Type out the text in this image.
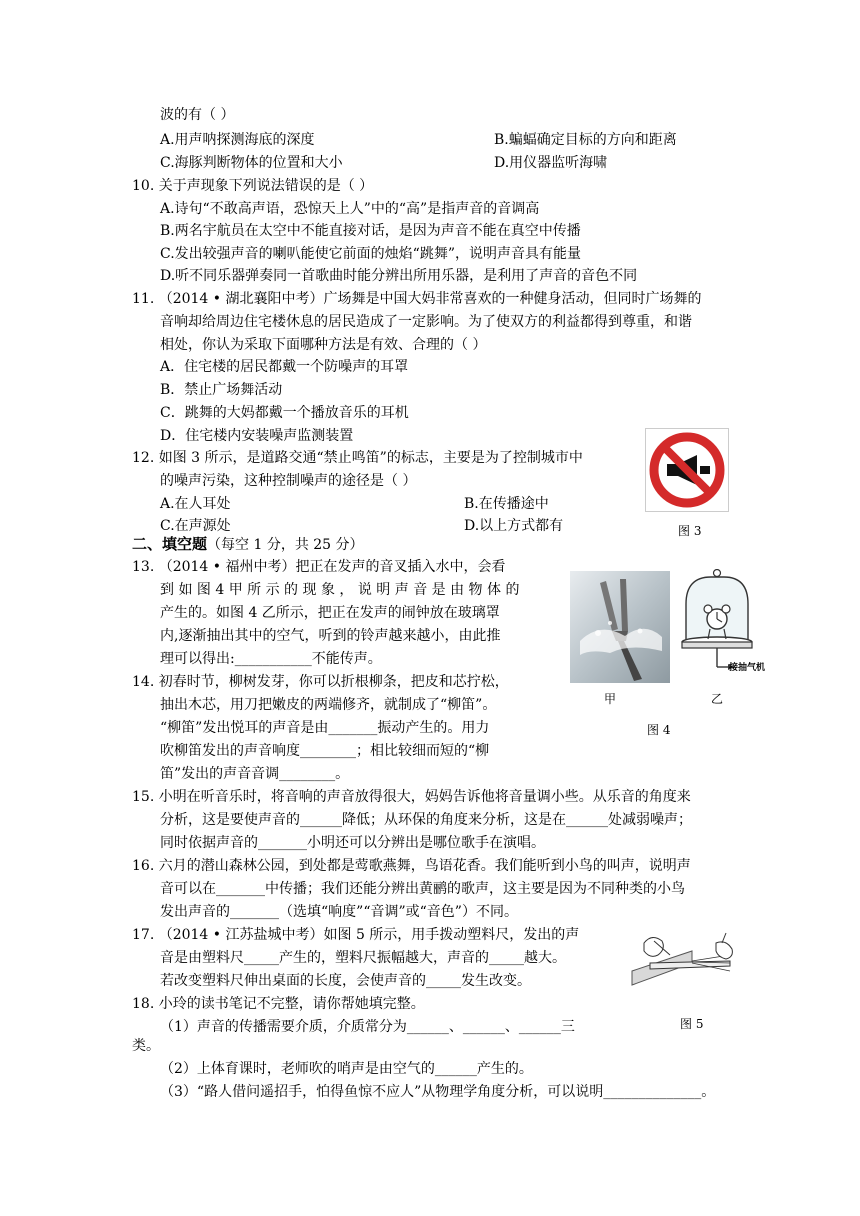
波的有（ ）
A.用声呐探测海底的深度	B.蝙蝠确定目标的方向和距离
C.海豚判断物体的位置和大小	D.用仪器监听海啸
10. 关于声现象下列说法错误的是（ ）
A.诗句“不敢高声语，恐惊天上人”中的“高”是指声音的音调高
B.两名宇航员在太空中不能直接对话，是因为声音不能在真空中传播
C.发出较强声音的喇叭能使它前面的烛焰“跳舞”，说明声音具有能量
D.听不同乐器弹奏同一首歌曲时能分辨出所用乐器，是利用了声音的音色不同
11. （2014 • 湖北襄阳中考）广场舞是中国大妈非常喜欢的一种健身活动，但同时广场舞的
音响却给周边住宅楼休息的居民造成了一定影响。为了使双方的利益都得到尊重，和谐
相处，你认为采取下面哪种方法是有效、合理的（ ）
A．住宅楼的居民都戴一个防噪声的耳罩
B．禁止广场舞活动
C．跳舞的大妈都戴一个播放音乐的耳机
D．住宅楼内安装噪声监测装置
12. 如图 3 所示，是道路交通“禁止鸣笛”的标志，主要是为了控制城市中
的噪声污染，这种控制噪声的途径是（ ）
A.在人耳处	B.在传播途中
C.在声源处	D.以上方式都有	图 3
二、填空题（每空 1 分，共 25 分）
13. （2014 • 福州中考）把正在发声的音叉插入水中，会看
到 如 图 4 甲 所 示 的 现 象 ， 说 明 声 音 是 由 物 体 的
产生的。如图 4 乙所示，把正在发声的闹钟放在玻璃罩
内,逐渐抽出其中的空气，听到的铃声越来越小，由此推
理可以得出:___________不能传声。
接抽气机
甲	乙
图 4
14. 初春时节，柳树发芽，你可以折根柳条，把皮和芯拧松，
抽出木芯，用刀把嫩皮的两端修齐，就制成了“柳笛”。
“柳笛”发出悦耳的声音是由_______振动产生的。用力
吹柳笛发出的声音响度________；相比较细而短的“柳
笛”发出的声音音调________。
15. 小明在听音乐时，将音响的声音放得很大，妈妈告诉他将音量调小些。从乐音的角度来
分析，这是要使声音的______降低；从环保的角度来分析，这是在______处减弱噪声；
同时依据声音的_______小明还可以分辨出是哪位歌手在演唱。
16. 六月的潜山森林公园，到处都是莺歌燕舞，鸟语花香。我们能听到小鸟的叫声，说明声
音可以在_______中传播；我们还能分辨出黄鹂的歌声，这主要是因为不同种类的小鸟
发出声音的_______（选填“响度”“音调”或“音色”）不同。
17. （2014 • 江苏盐城中考）如图 5 所示，用手拨动塑料尺，发出的声
音是由塑料尺_____产生的，塑料尺振幅越大，声音的_____越大。
若改变塑料尺伸出桌面的长度，会使声音的_____发生改变。
图 5
18. 小玲的读书笔记不完整，请你帮她填完整。
（1）声音的传播需要介质，介质常分为______、______、______三
类。
（2）上体育课时，老师吹的哨声是由空气的______产生的。
（3）“路人借问遥招手，怕得鱼惊不应人”从物理学角度分析，可以说明______________。
